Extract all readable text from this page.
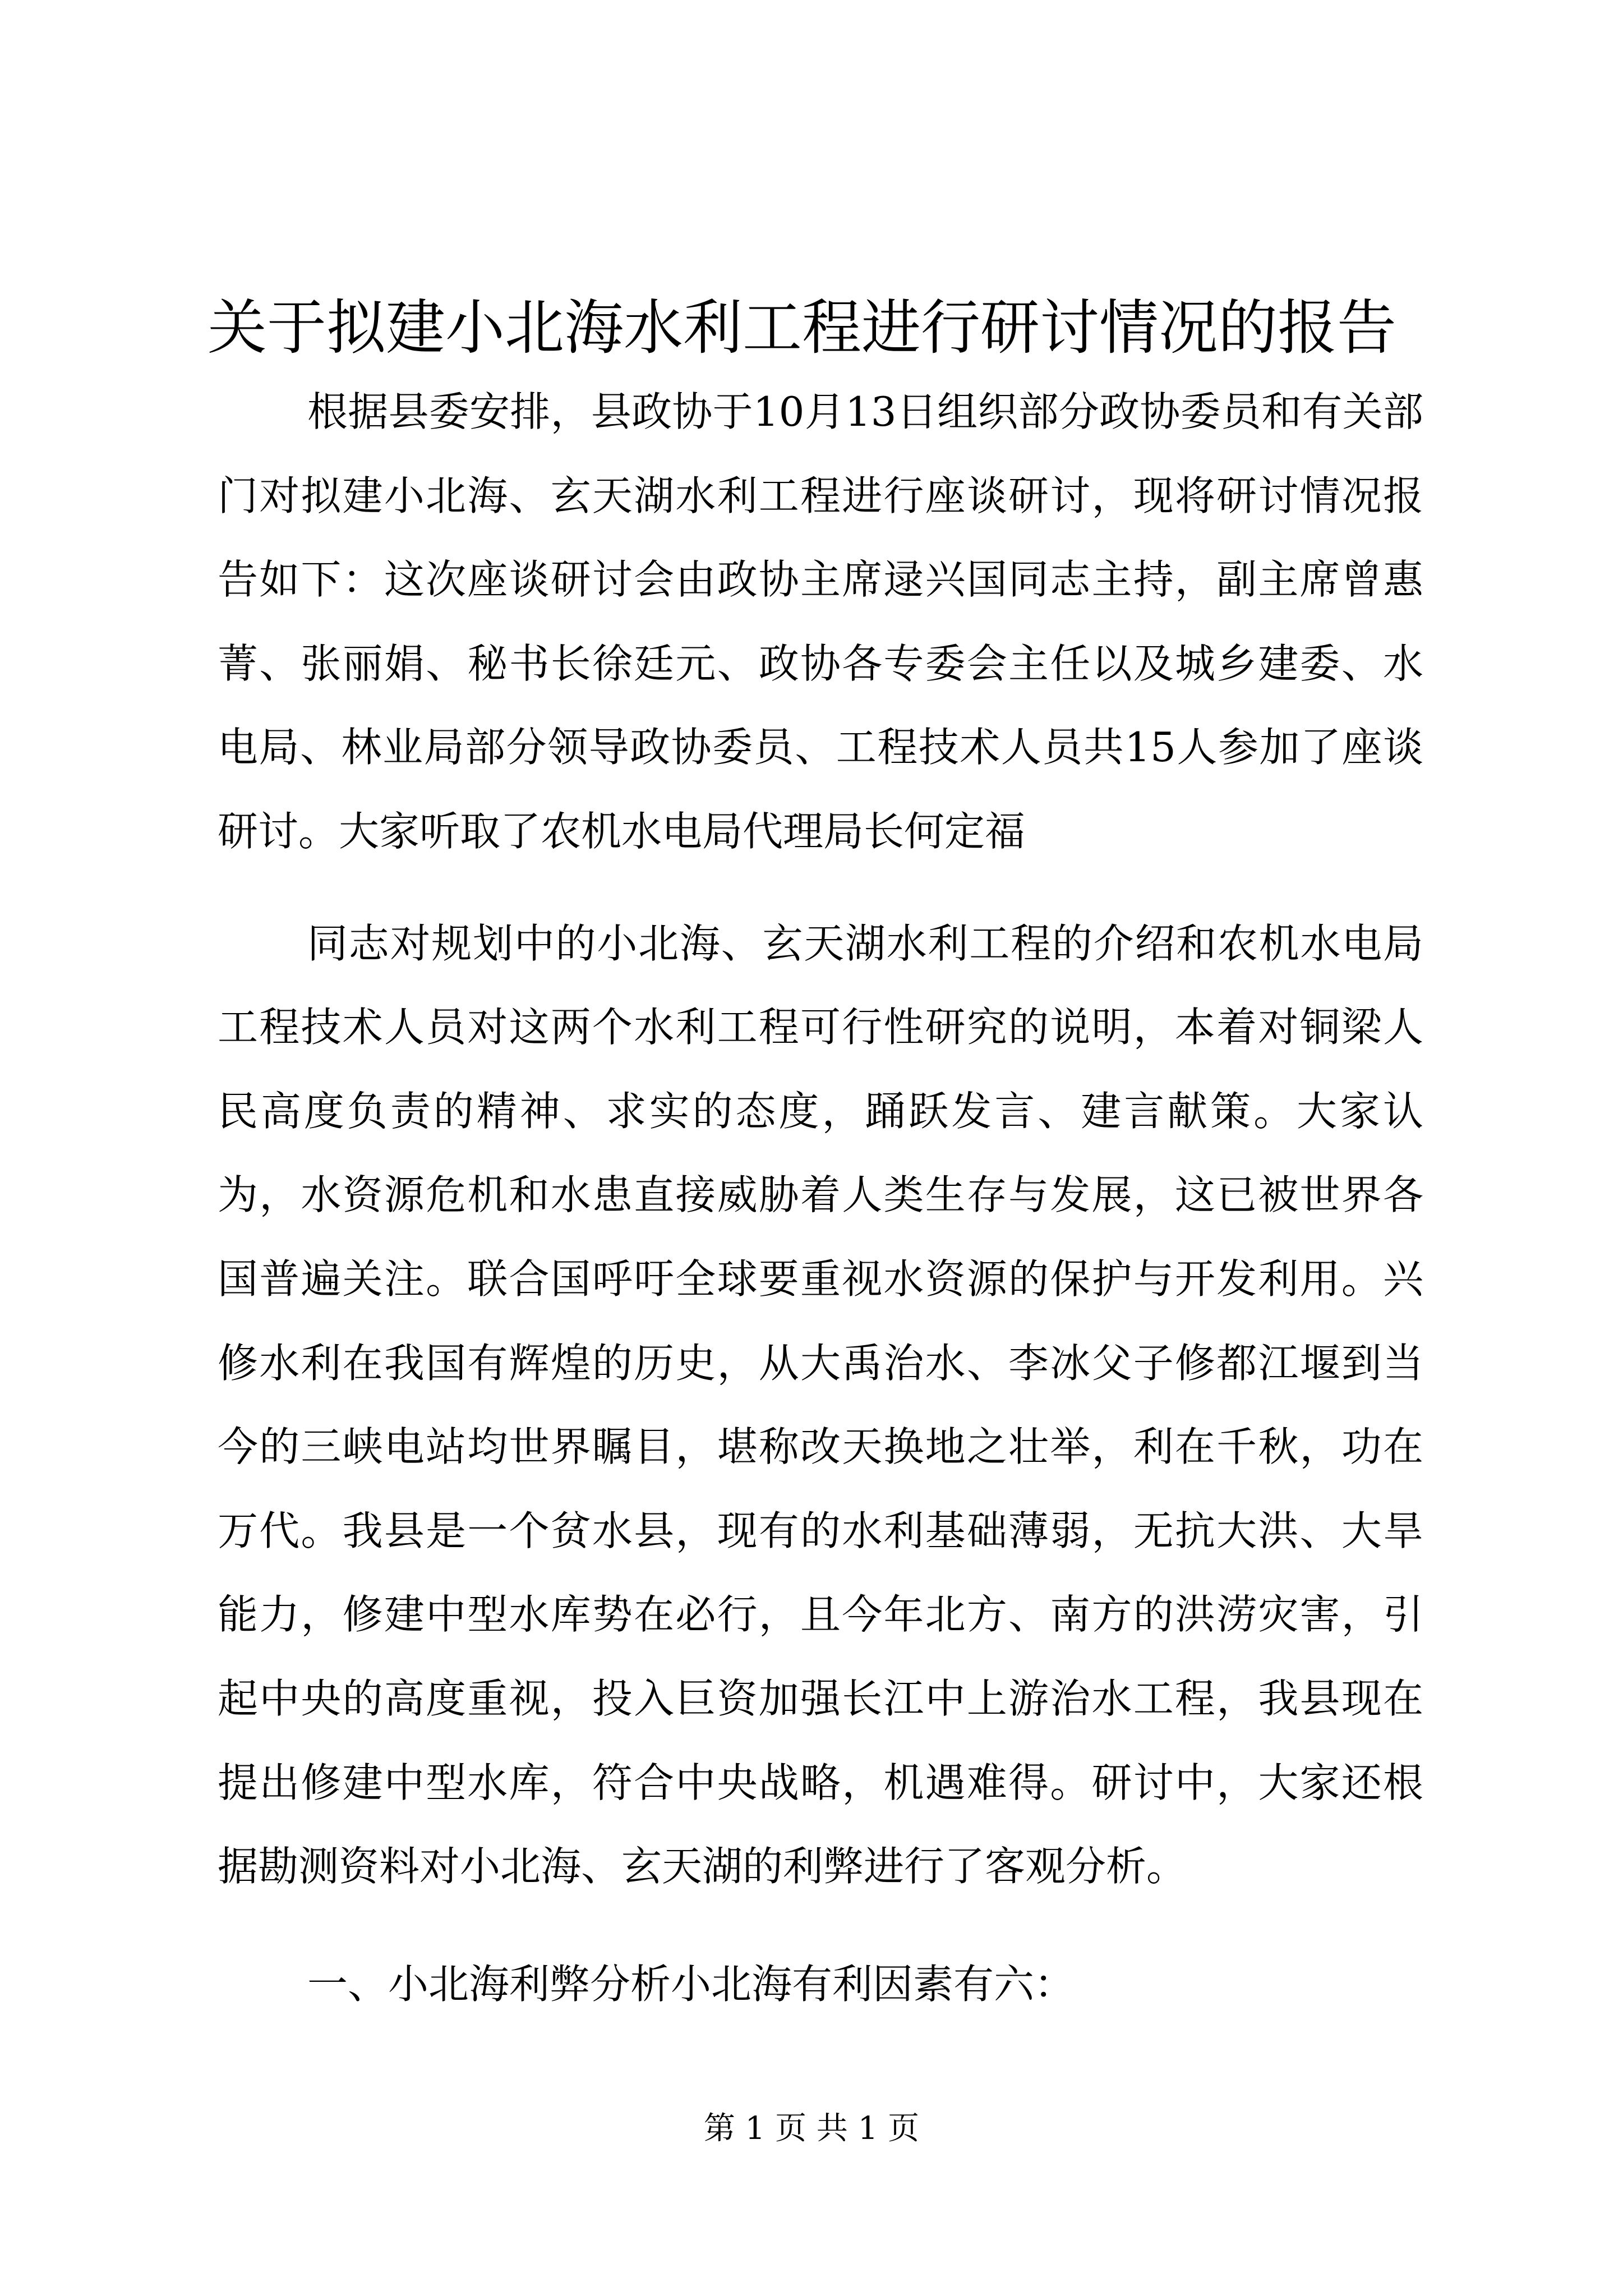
关于拟建小北海水利工程进行研讨情况的报告

根据县委安排，县政协于10月13日组织部分政协委员和有关部门对拟建小北海、玄天湖水利工程进行座谈研讨，现将研讨情况报告如下：这次座谈研讨会由政协主席逯兴国同志主持，副主席曾惠菁、张丽娟、秘书长徐廷元、政协各专委会主任以及城乡建委、水电局、林业局部分领导政协委员、工程技术人员共15人参加了座谈研讨。大家听取了农机水电局代理局长何定福

同志对规划中的小北海、玄天湖水利工程的介绍和农机水电局工程技术人员对这两个水利工程可行性研究的说明，本着对铜梁人民高度负责的精神、求实的态度，踊跃发言、建言献策。大家认为，水资源危机和水患直接威胁着人类生存与发展，这已被世界各国普遍关注。联合国呼吁全球要重视水资源的保护与开发利用。兴修水利在我国有辉煌的历史，从大禹治水、李冰父子修都江堰到当今的三峡电站均世界瞩目，堪称改天换地之壮举，利在千秋，功在万代。我县是一个贫水县，现有的水利基础薄弱，无抗大洪、大旱能力，修建中型水库势在必行，且今年北方、南方的洪涝灾害，引起中央的高度重视，投入巨资加强长江中上游治水工程，我县现在提出修建中型水库，符合中央战略，机遇难得。研讨中，大家还根据勘测资料对小北海、玄天湖的利弊进行了客观分析。

一、小北海利弊分析小北海有利因素有六：

第 1 页 共 1 页
